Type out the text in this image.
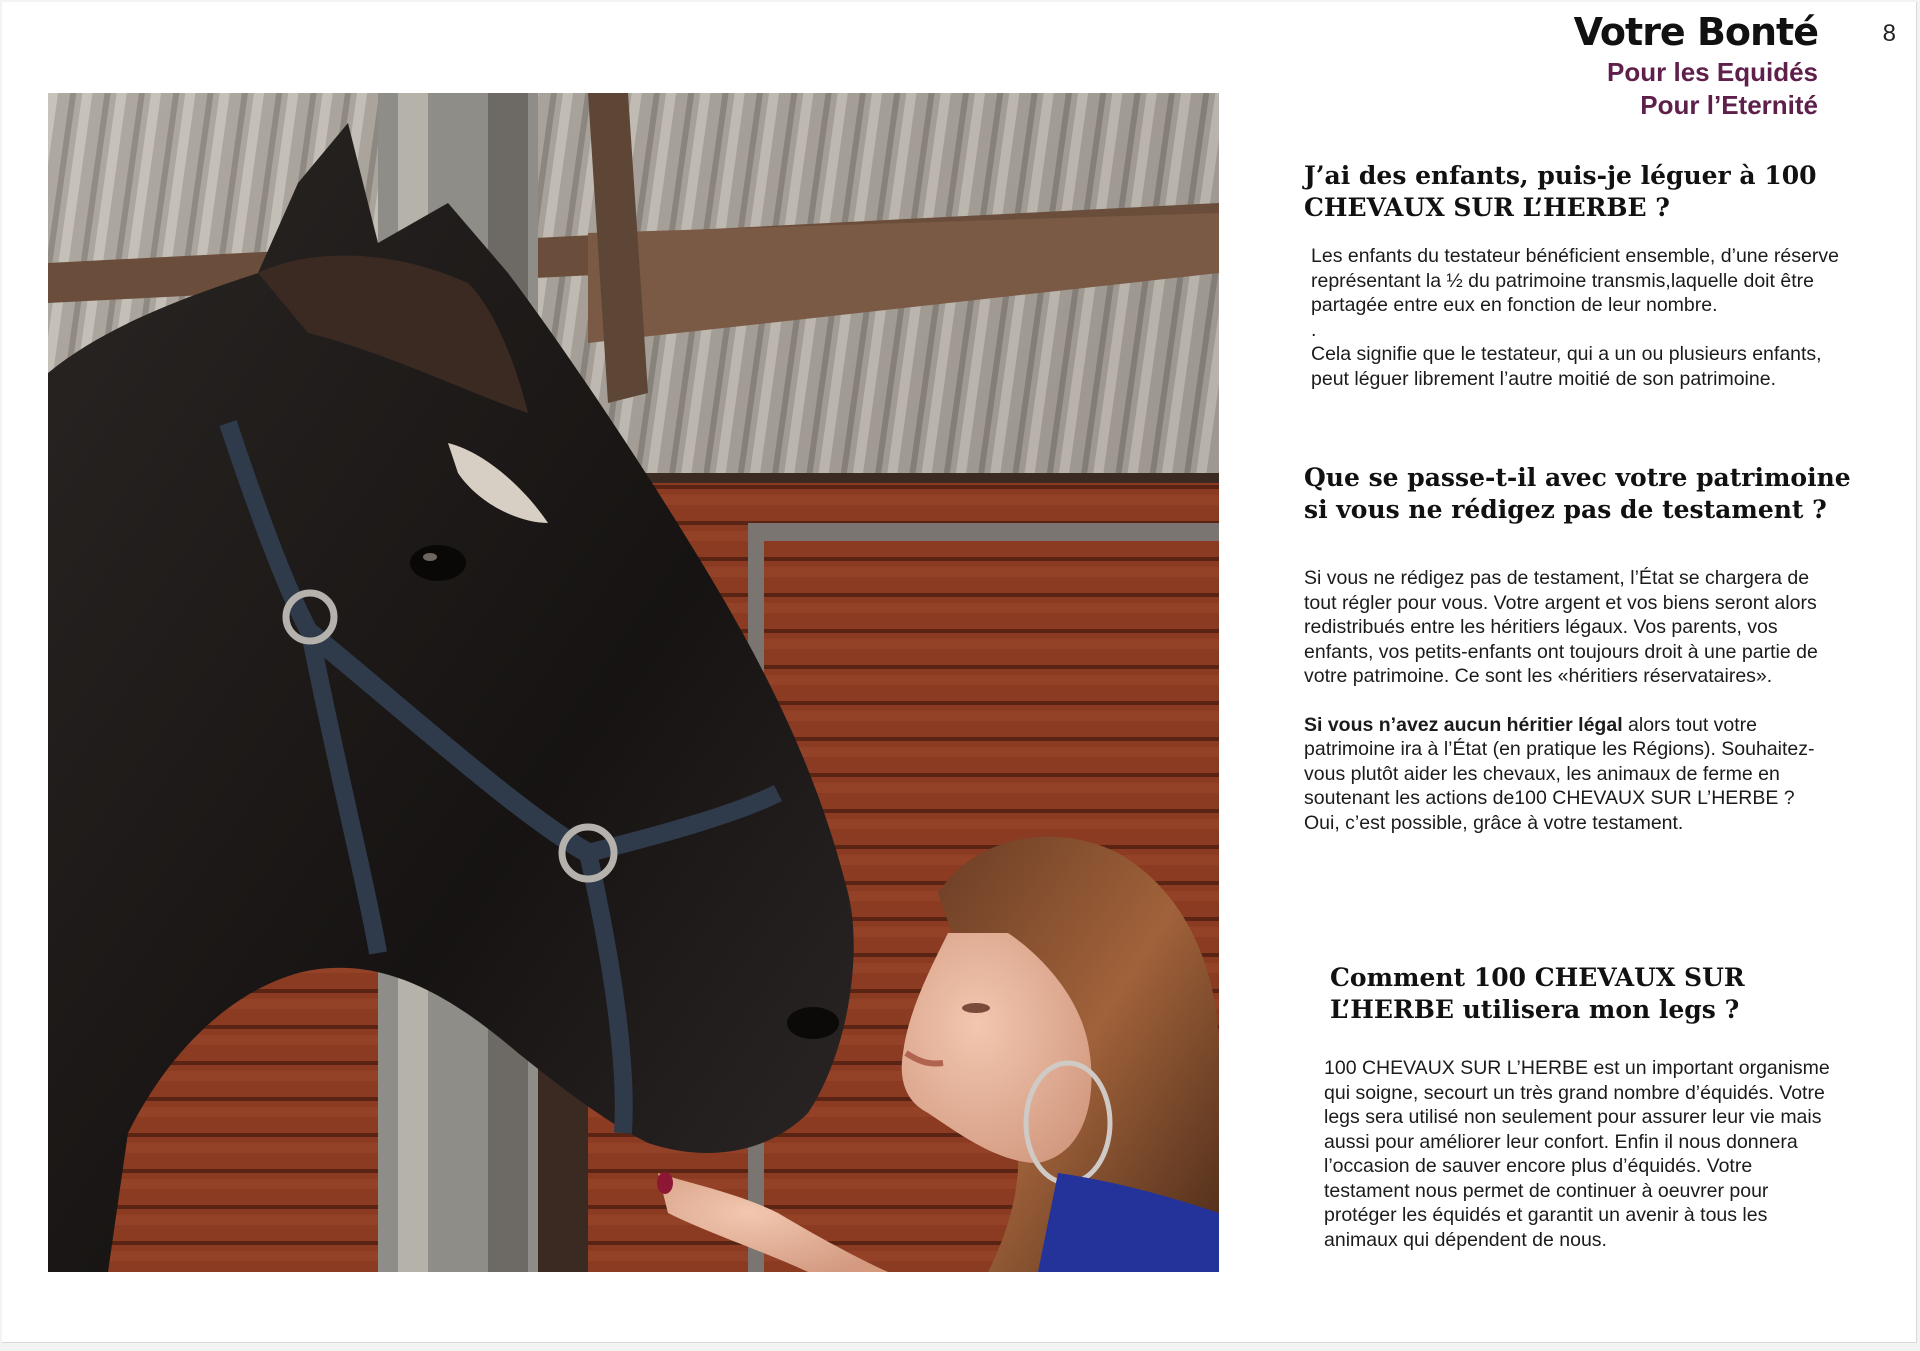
Votre Bonté
Pour les Equidés
Pour l’Eternité
8
J’ai des enfants, puis-je léguer à 100 CHEVAUX SUR L’HERBE ?

Les enfants du testateur bénéficient ensemble, d’une réserve représentant la ½ du patrimoine transmis,laquelle doit être partagée entre eux en fonction de leur nombre.

.

Cela signifie que le testateur, qui a un ou plusieurs enfants, peut léguer librement l’autre moitié de son patrimoine.

Que se passe-t-il avec votre patrimoine si vous ne rédigez pas de testament ?

Si vous ne rédigez pas de testament, l’État se chargera de tout régler pour vous. Votre argent et vos biens seront alors redistribués entre les héritiers légaux. Vos parents, vos enfants, vos petits-enfants ont toujours droit à une partie de votre patrimoine. Ce sont les «héritiers réservataires».

Si vous n’avez aucun héritier légal alors tout votre patrimoine ira à l’État (en pratique les Régions). Souhaitez-vous plutôt aider les chevaux, les animaux de ferme en soutenant les actions de100 CHEVAUX SUR L’HERBE ? Oui, c’est possible, grâce à votre testament.

Comment 100 CHEVAUX SUR L’HERBE utilisera mon legs ?

100 CHEVAUX SUR L’HERBE est un important organisme qui soigne, secourt un très grand nombre d’équidés. Votre legs sera utilisé non seulement pour assurer leur vie mais aussi pour améliorer leur confort. Enfin il nous donnera l’occasion de sauver encore plus d’équidés. Votre testament nous permet de continuer à oeuvrer pour protéger les équidés et garantit un avenir à tous les animaux qui dépendent de nous.
